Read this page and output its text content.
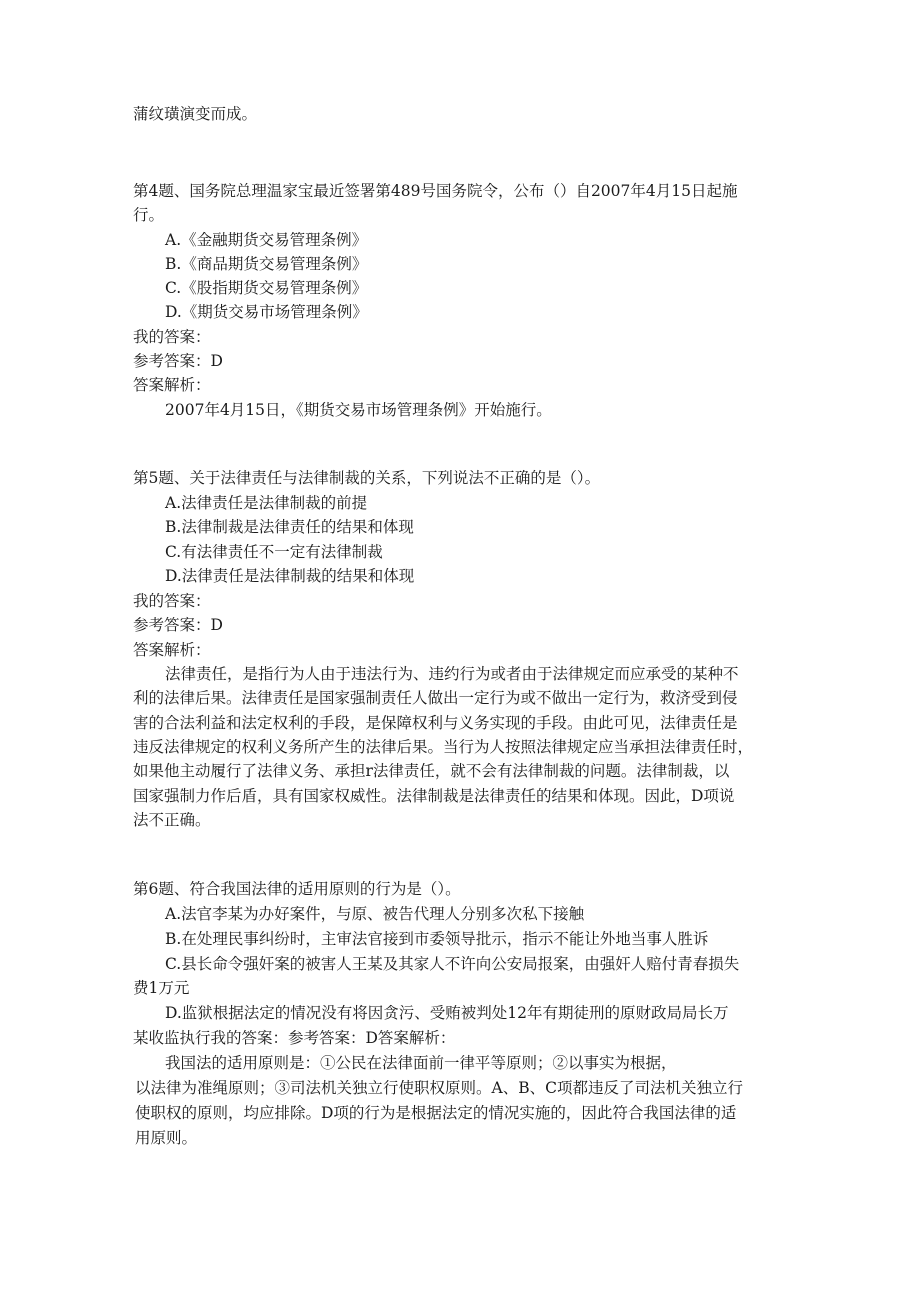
蒲纹璜演变而成。
第4题、国务院总理温家宝最近签署第489号国务院令，公布（）自2007年4月15日起施
行。
A.《金融期货交易管理条例》
B.《商品期货交易管理条例》
C.《股指期货交易管理条例》
D.《期货交易市场管理条例》
我的答案：
参考答案：D
答案解析：
2007年4月15日，《期货交易市场管理条例》开始施行。
第5题、关于法律责任与法律制裁的关系，下列说法不正确的是（）。
A.法律责任是法律制裁的前提
B.法律制裁是法律责任的结果和体现
C.有法律责任不一定有法律制裁
D.法律责任是法律制裁的结果和体现
我的答案：
参考答案：D
答案解析：
法律责任，是指行为人由于违法行为、违约行为或者由于法律规定而应承受的某种不
利的法律后果。法律责任是国家强制责任人做出一定行为或不做出一定行为，救济受到侵
害的合法利益和法定权利的手段，是保障权利与义务实现的手段。由此可见，法律责任是
违反法律规定的权利义务所产生的法律后果。当行为人按照法律规定应当承担法律责任时，
如果他主动履行了法律义务、承担r法律责任，就不会有法律制裁的问题。法律制裁，以
国家强制力作后盾，具有国家权威性。法律制裁是法律责任的结果和体现。因此，D项说
法不正确。
第6题、符合我国法律的适用原则的行为是（）。
A.法官李某为办好案件，与原、被告代理人分别多次私下接触
B.在处理民事纠纷时，主审法官接到市委领导批示，指示不能让外地当事人胜诉
C.县长命令强奸案的被害人王某及其家人不许向公安局报案，由强奸人赔付青春损失
费1万元
D.监狱根据法定的情况没有将因贪污、受贿被判处12年有期徒刑的原财政局局长万
某收监执行我的答案：参考答案：D答案解析：
我国法的适用原则是：①公民在法律面前一律平等原则；②以事实为根据，
以法律为准绳原则；③司法机关独立行使职权原则。A、B、C项都违反了司法机关独立行
使职权的原则，均应排除。D项的行为是根据法定的情况实施的，因此符合我国法律的适
用原则。
